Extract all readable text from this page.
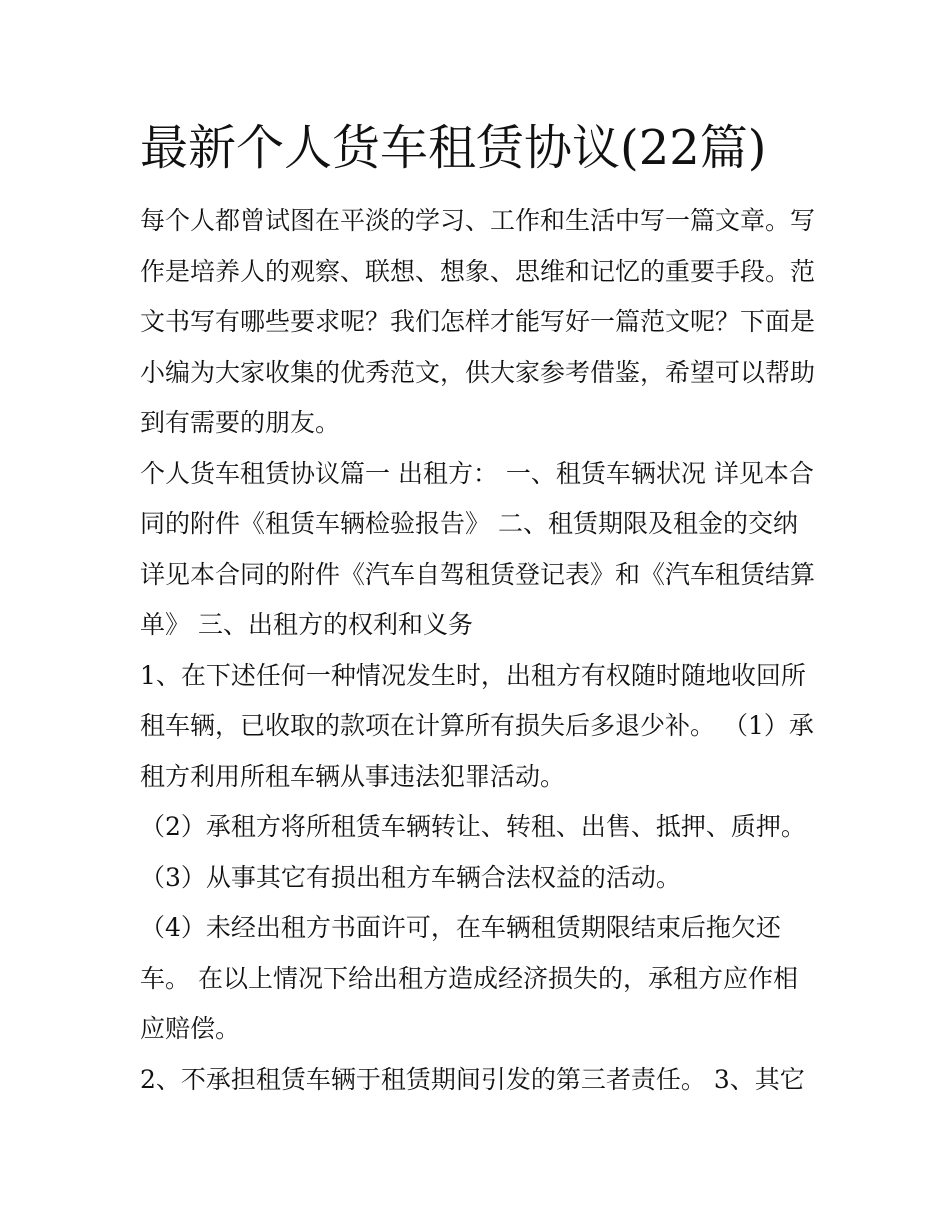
最新个人货车租赁协议(22篇)
每个人都曾试图在平淡的学习、工作和生活中写一篇文章。写
作是培养人的观察、联想、想象、思维和记忆的重要手段。范
文书写有哪些要求呢？我们怎样才能写好一篇范文呢？下面是
小编为大家收集的优秀范文，供大家参考借鉴，希望可以帮助
到有需要的朋友。
个人货车租赁协议篇一 出租方： 一、租赁车辆状况 详见本合
同的附件《租赁车辆检验报告》 二、租赁期限及租金的交纳
详见本合同的附件《汽车自驾租赁登记表》和《汽车租赁结算
单》 三、出租方的权利和义务
1、在下述任何一种情况发生时，出租方有权随时随地收回所
租车辆，已收取的款项在计算所有损失后多退少补。 （1）承
租方利用所租车辆从事违法犯罪活动。
（2）承租方将所租赁车辆转让、转租、出售、抵押、质押。
（3）从事其它有损出租方车辆合法权益的活动。
（4）未经出租方书面许可，在车辆租赁期限结束后拖欠还
车。 在以上情况下给出租方造成经济损失的，承租方应作相
应赔偿。
2、不承担租赁车辆于租赁期间引发的第三者责任。 3、其它
